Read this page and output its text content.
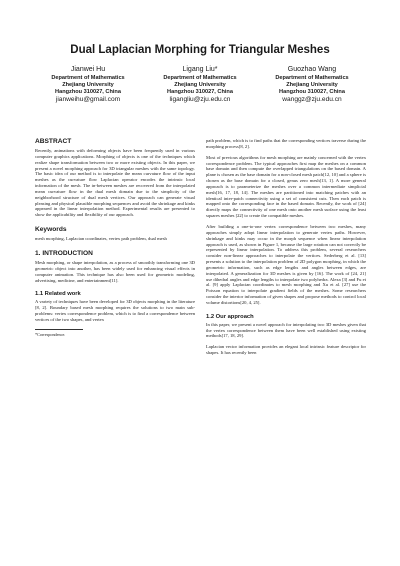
Dual Laplacian Morphing for Triangular Meshes
Jianwei Hu
Department of Mathematics
Zhejiang University
Hangzhou 310027, China
jianweihu@gmail.com
Ligang Liu*
Department of Mathematics
Zhejiang University
Hangzhou 310027, China
ligangliu@zju.edu.cn
Guozhao Wang
Department of Mathematics
Zhejiang University
Hangzhou 310027, China
wanggz@zju.edu.cn
ABSTRACT

Recently, animations with deforming objects have been frequently used in various computer graphics applications. Morphing of objects is one of the techniques which realize shape transformation between two or more existing objects. In this paper, we present a novel morphing approach for 3D triangular meshes with the same topology. The basic idea of our method is to interpolate the mean curvature flow of the input meshes as the curvature flow Laplacian operator encodes the intrinsic local information of the mesh. The in-between meshes are recovered from the interpolated mean curvature flow in the dual mesh domain due to the simplicity of the neighborhood structure of dual mesh vertices. Our approach can generate visual pleasing and physical plausible morphing sequences and avoid the shrinkage and kinks appeared in the linear interpolation method. Experimental results are presented to show the applicability and flexibility of our approach.

Keywords

mesh morphing, Laplacian coordinates, vertex path problem, dual mesh

1. INTRODUCTION

Mesh morphing, or shape interpolation, as a process of smoothly transforming one 3D geometric object into another, has been widely used for enhancing visual effects in computer animation. This technique has also been used for geometric modeling, advertising, medicine, and entertainment[11].

1.1 Related work

A variety of techniques have been developed for 3D objects morphing in the literature [8, 2]. Boundary based mesh morphing requires the solutions to two main sub-problems: vertex correspondence problem, which is to find a correspondence between vertices of the two shapes, and vertex

*Correspondence.

path problem, which is to find paths that the corresponding vertices traverse during the morphing process[8, 2].

Most of previous algorithms for mesh morphing are mainly concerned with the vertex correspondence problem. The typical approaches first map the meshes on a common base domain and then compute the overlapped triangulations on the based domain. A plane is chosen as the base domain for a non-closed mesh patch[12, 10] and a sphere is chosen as the base domain for a closed, genus zero mesh[13, 1]. A more general approach is to parameterize the meshes over a common intermediate simplicial mesh[16, 17, 18, 14]. The meshes are partitioned into matching patches with an identical inter-patch connectivity using a set of consistent cuts. Then each patch is mapped onto the corresponding face in the based domain. Recently, the work of [24] directly maps the connectivity of one mesh onto another mesh surface using the least squares meshes [22] to create the compatible meshes.

After building a one-to-one vertex correspondence between two meshes, many approaches simply adopt linear interpolation to generate vertex paths. However, shrinkage and kinks may occur in the morph sequence when linear interpolation approach is used, as shown in Figure 1, because the large rotation can not correctly be represented by linear interpolation. To address this problem, several researchers consider non-linear approaches to interpolate the vertices. Sederberg et al. [13] presents a solution to the interpolation problem of 2D polygon morphing, in which the geometric information, such as edge lengths and angles between edges, are interpolated. A generalization for 3D meshes is given by [16]. The work of [24, 21] use dihedral angles and edge lengths to interpolate two polyhedra. Alexa [3] and Fu et al. [9] apply Laplacian coordinates to mesh morphing and Xu et al. [27] use the Poisson equation to interpolate gradient fields of the meshes. Some researchers consider the interior information of given shapes and propose methods to control local volume distortions[20, 4, 25].

1.2 Our approach

In this paper, we present a novel approach for interpolating two 3D meshes given that the vertex correspondence between them have been well established using existing methods[17, 18, 29].

Laplacian vector information provides an elegant local intrinsic feature descriptor for shapes. It has recently been
